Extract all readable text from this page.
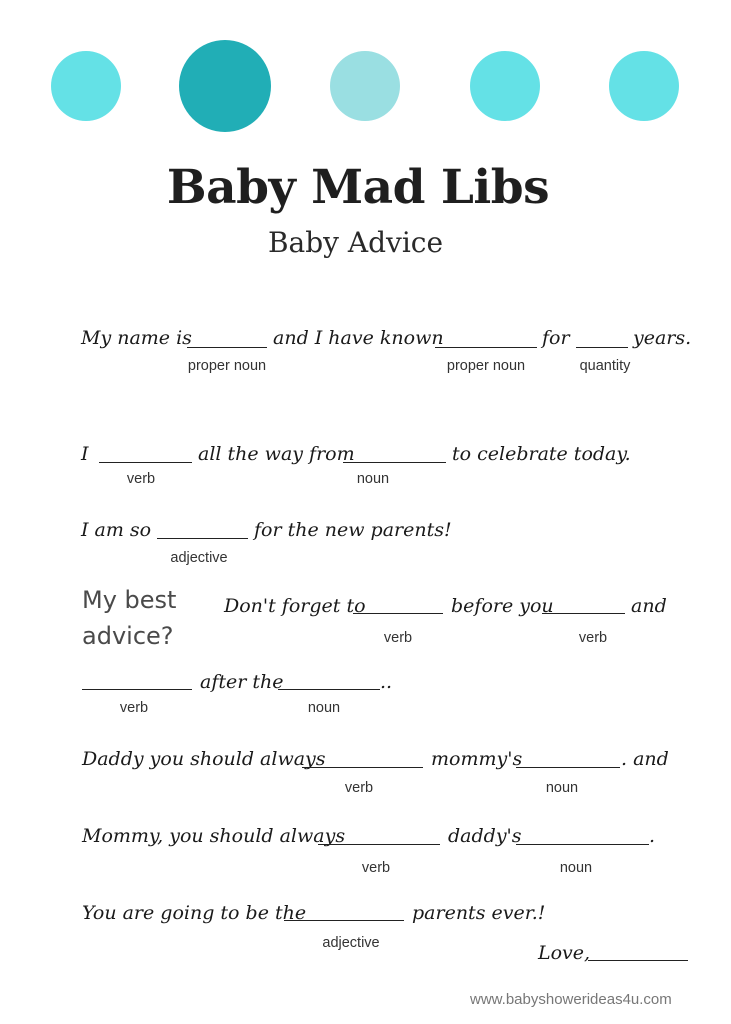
Baby Mad Libs
Baby Advice
My name is	and I have known	for	years.
proper noun	proper noun	quantity
I	all the way from	to celebrate today.
verb	noun
I am so	for the new parents!
adjective
My best
advice?
Don't forget to	before you	and
verb	verb
after the	..
verb	noun
Daddy you should always	mommy's	. and
verb	noun
Mommy, you should always	daddy's	.
verb	noun
You are going to be the	parents ever.!
adjective	Love,
www.babyshowerideas4u.com
